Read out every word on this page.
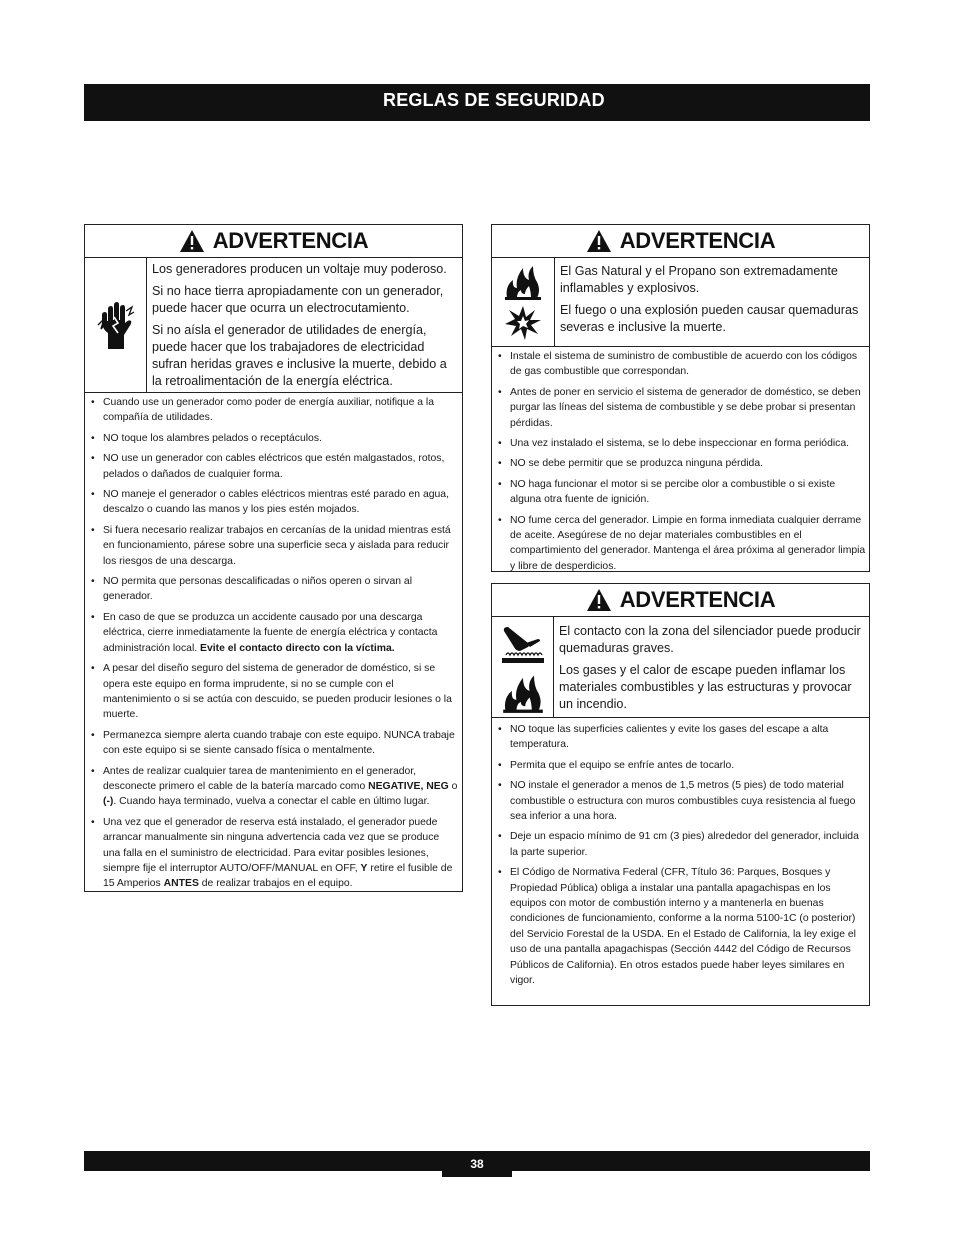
REGLAS DE SEGURIDAD
ADVERTENCIA

Los generadores producen un voltaje muy poderoso.

Si no hace tierra apropiadamente con un generador, puede hacer que ocurra un electrocutamiento.

Si no aísla el generador de utilidades de energía, puede hacer que los trabajadores de electricidad sufran heridas graves e inclusive la muerte, debido a la retroalimentación de la energía eléctrica.

• Cuando use un generador como poder de energía auxiliar, notifique a la compañía de utilidades.
• NO toque los alambres pelados o receptáculos.
• NO use un generador con cables eléctricos que estén malgastados, rotos, pelados o dañados de cualquier forma.
• NO maneje el generador o cables eléctricos mientras esté parado en agua, descalzo o cuando las manos y los pies estén mojados.
• Si fuera necesario realizar trabajos en cercanías de la unidad mientras está en funcionamiento, párese sobre una superficie seca y aislada para reducir los riesgos de una descarga.
• NO permita que personas descalificadas o niños operen o sirvan al generador.
• En caso de que se produzca un accidente causado por una descarga eléctrica, cierre inmediatamente la fuente de energía eléctrica y contacta administración local. Evite el contacto directo con la víctima.
• A pesar del diseño seguro del sistema de generador de doméstico, si se opera este equipo en forma imprudente, si no se cumple con el mantenimiento o si se actúa con descuido, se pueden producir lesiones o la muerte.
• Permanezca siempre alerta cuando trabaje con este equipo. NUNCA trabaje con este equipo si se siente cansado física o mentalmente.
• Antes de realizar cualquier tarea de mantenimiento en el generador, desconecte primero el cable de la batería marcado como NEGATIVE, NEG o (-). Cuando haya terminado, vuelva a conectar el cable en último lugar.
• Una vez que el generador de reserva está instalado, el generador puede arrancar manualmente sin ninguna advertencia cada vez que se produce una falla en el suministro de electricidad. Para evitar posibles lesiones, siempre fije el interruptor AUTO/OFF/MANUAL en OFF, Y retire el fusible de 15 Amperios ANTES de realizar trabajos en el equipo.
ADVERTENCIA

El Gas Natural y el Propano son extremadamente inflamables y explosivos.

El fuego o una explosión pueden causar quemaduras severas e inclusive la muerte.

• Instale el sistema de suministro de combustible de acuerdo con los códigos de gas combustible que correspondan.
• Antes de poner en servicio el sistema de generador de doméstico, se deben purgar las líneas del sistema de combustible y se debe probar si presentan pérdidas.
• Una vez instalado el sistema, se lo debe inspeccionar en forma periódica.
• NO se debe permitir que se produzca ninguna pérdida.
• NO haga funcionar el motor si se percibe olor a combustible o si existe alguna otra fuente de ignición.
• NO fume cerca del generador. Limpie en forma inmediata cualquier derrame de aceite. Asegúrese de no dejar materiales combustibles en el compartimiento del generador. Mantenga el área próxima al generador limpia y libre de desperdicios.
ADVERTENCIA

El contacto con la zona del silenciador puede producir quemaduras graves.

Los gases y el calor de escape pueden inflamar los materiales combustibles y las estructuras y provocar un incendio.

• NO toque las superficies calientes y evite los gases del escape a alta temperatura.
• Permita que el equipo se enfríe antes de tocarlo.
• NO instale el generador a menos de 1,5 metros (5 pies) de todo material combustible o estructura con muros combustibles cuya resistencia al fuego sea inferior a una hora.
• Deje un espacio mínimo de 91 cm (3 pies) alrededor del generador, incluida la parte superior.
• El Código de Normativa Federal (CFR, Título 36: Parques, Bosques y Propiedad Pública) obliga a instalar una pantalla apagachispas en los equipos con motor de combustión interno y a mantenerla en buenas condiciones de funcionamiento, conforme a la norma 5100-1C (o posterior) del Servicio Forestal de la USDA. En el Estado de California, la ley exige el uso de una pantalla apagachispas (Sección 4442 del Código de Recursos Públicos de California). En otros estados puede haber leyes similares en vigor.
38
